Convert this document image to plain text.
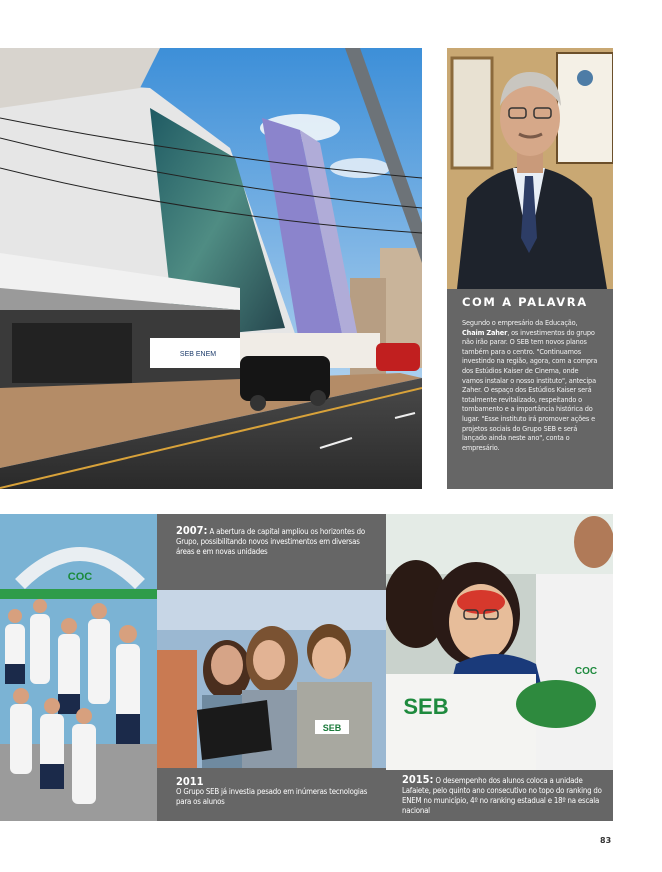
SEB ENEM

COM A PALAVRA

Segundo o empresário da Educação, Chaim Zaher, os investimentos do grupo não irão parar. O SEB tem novos planos também para o centro. "Continuamos investindo na região, agora, com a compra dos Estúdios Kaiser de Cinema, onde vamos instalar o nosso instituto", antecipa Zaher. O espaço dos Estúdios Kaiser será totalmente revitalizado, respeitando o tombamento e a importância histórica do lugar. "Esse instituto irá promover ações e projetos sociais do Grupo SEB e será lançado ainda neste ano", conta o empresário.

COC
2007: A abertura de capital ampliou os horizontes do Grupo, possibilitando novos investimentos em diversas áreas e em novas unidades
SEB
2011
O Grupo SEB já investia pesado em inúmeras tecnologias para os alunos
COC
SEB
2015: O desempenho dos alunos coloca a unidade Lafaiete, pelo quinto ano consecutivo no topo do ranking do ENEM no município, 4º no ranking estadual e 18º na escala nacional
83
